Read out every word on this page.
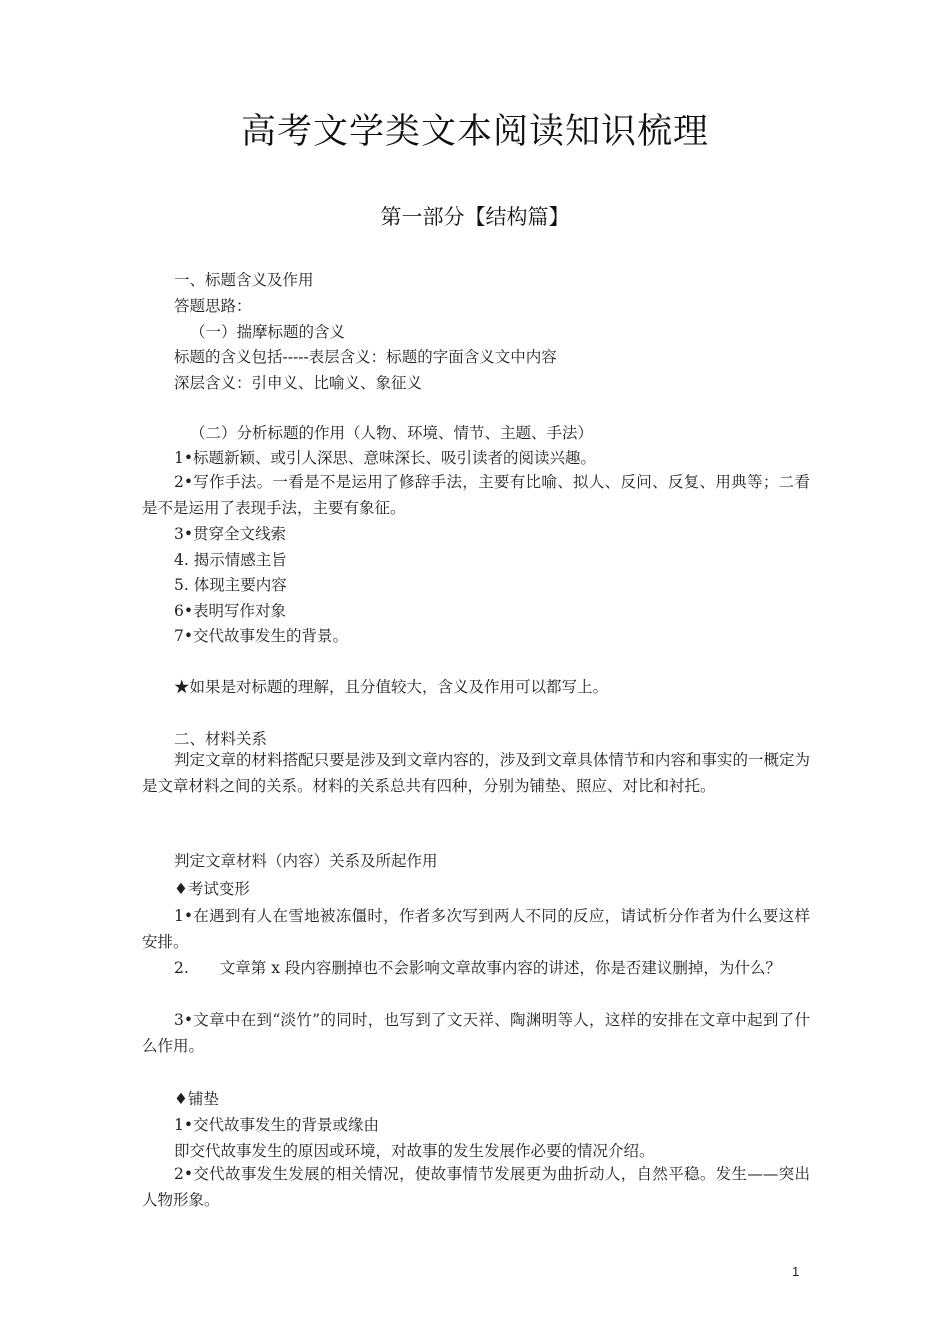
高考文学类文本阅读知识梳理
第一部分【结构篇】
一、标题含义及作用
答题思路：
（一）揣摩标题的含义
标题的含义包括-----表层含义：标题的字面含义文中内容
深层含义：引申义、比喻义、象征义
（二）分析标题的作用（人物、环境、情节、主题、手法）
1•标题新颖、或引人深思、意味深长、吸引读者的阅读兴趣。
2•写作手法。一看是不是运用了修辞手法，主要有比喻、拟人、反问、反复、用典等；二看是不是运用了表现手法，主要有象征。
3•贯穿全文线索
4. 揭示情感主旨
5. 体现主要内容
6•表明写作对象
7•交代故事发生的背景。
★如果是对标题的理解，且分值较大，含义及作用可以都写上。
二、材料关系
判定文章的材料搭配只要是涉及到文章内容的，涉及到文章具体情节和内容和事实的一概定为是文章材料之间的关系。材料的关系总共有四种，分别为铺垫、照应、对比和衬托。
判定文章材料（内容）关系及所起作用
♦考试变形
1•在遇到有人在雪地被冻僵时，作者多次写到两人不同的反应，请试析分作者为什么要这样安排。
2.　　文章第 x 段内容删掉也不会影响文章故事内容的讲述，你是否建议删掉，为什么？
3•文章中在到“淡竹”的同时，也写到了文天祥、陶渊明等人，这样的安排在文章中起到了什么作用。
♦铺垫
1•交代故事发生的背景或缘由
即交代故事发生的原因或环境，对故事的发生发展作必要的情况介绍。
2•交代故事发生发展的相关情况，使故事情节发展更为曲折动人，自然平稳。发生——突出人物形象。
1
